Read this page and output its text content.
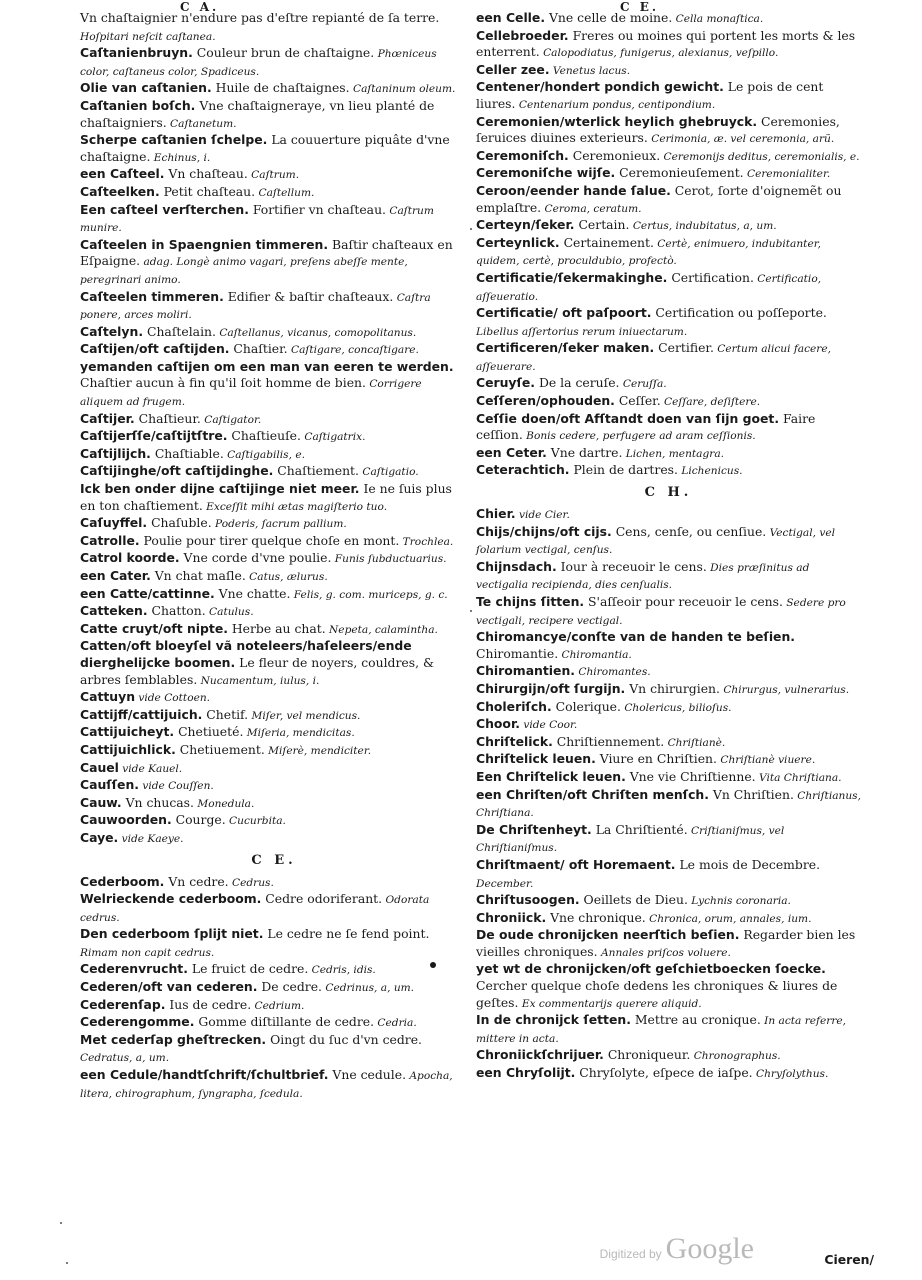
C A.	C E.

Vn chaſtaignier n'endure pas d'eſtre repianté de ſa terre. Hoſpitari neſcit caſtanea.

Caſtanienbruyn. Couleur brun de chaſtaigne. Phœniceus color, caſtaneus color, Spadiceus.

Olie van caſtanien. Huile de chaſtaignes. Caſtaninum oleum.

Caſtanien boſch. Vne chaſtaigneraye, vn lieu planté de chaſtaigniers. Caſtanetum.

Scherpe caſtanien ſchelpe. La couuerture piquâte d'vne chaſtaigne. Echinus, i.

een Caſteel. Vn chaſteau. Caſtrum.

Caſteelken. Petit chaſteau. Caſtellum.

Een caſteel verſterchen. Fortifier vn chaſteau. Caſtrum munire.

Caſteelen in Spaengnien timmeren. Baſtir chaſteaux en Eſpaigne. adag. Longè animo vagari, preſens abeſſe mente, peregrinari animo.

Caſteelen timmeren. Edifier & baſtir chaſteaux. Caſtra ponere, arces moliri.

Caſtelyn. Chaſtelain. Caſtellanus, vicanus, comopolitanus.

Caſtijen/oft caſtijden. Chaſtier. Caſtigare, concaſtigare.

yemanden caſtijen om een man van eeren te werden. Chaſtier aucun à fin qu'il ſoit homme de bien. Corrigere aliquem ad frugem.

Caſtijer. Chaſtieur. Caſtigator.

Caſtijerſſe/caſtijtſtre. Chaſtieuſe. Caſtigatrix.

Caſtijlijch. Chaſtiable. Caſtigabilis, e.

Caſtijinghe/oft caſtijdinghe. Chaſtiement. Caſtigatio.

Ick ben onder dijne caſtijinge niet meer. Ie ne ſuis plus en ton chaſtiement. Exceſſit mihi ætas magiſterio tuo.

Caſuyffel. Chaſuble. Poderis, ſacrum pallium.

Catrolle. Poulie pour tirer quelque choſe en mont. Trochlea.

Catrol koorde. Vne corde d'vne poulie. Funis ſubductuarius.

een Cater. Vn chat maſle. Catus, ælurus.

een Catte/cattinne. Vne chatte. Felis, g. com. muriceps, g. c.

Catteken. Chatton. Catulus.

Catte cruyt/oft nipte. Herbe au chat. Nepeta, calamintha.

Catten/oft bloeyſel vã noteleers/haſeleers/ende dierghelijcke boomen. Le fleur de noyers, couldres, & arbres ſemblables. Nucamentum, iulus, i.

Cattuyn vide Cottoen.

Cattijff/cattijuich. Chetif. Miſer, vel mendicus.

Cattijuicheyt. Chetiueté. Miſeria, mendicitas.

Cattijuichlick. Chetiuement. Miſerè, mendiciter.

Cauel vide Kauel.

Cauſſen. vide Couſſen.

Cauw. Vn chucas. Monedula.

Cauwoorden. Courge. Cucurbita.

Caye. vide Kaeye.

C E.

Cederboom. Vn cedre. Cedrus.

Welrieckende cederboom. Cedre odoriferant. Odorata cedrus.

Den cederboom ſplijt niet. Le cedre ne ſe fend point. Rimam non capit cedrus.

Cederenvrucht. Le fruict de cedre. Cedris, idis.

Cederen/oft van cederen. De cedre. Cedrinus, a, um.

Cederenſap. Ius de cedre. Cedrium.

Cederengomme. Gomme diſtillante de cedre. Cedria.

Met cederſap gheſtrecken. Oingt du ſuc d'vn cedre. Cedratus, a, um.

een Cedule/handtſchrift/ſchultbrief. Vne cedule. Apocha, litera, chirographum, ſyngrapha, ſcedula.

een Celle. Vne celle de moine. Cella monaſtica.

Cellebroeder. Freres ou moines qui portent les morts & les enterrent. Calopodiatus, funigerus, alexianus, veſpillo.

Celler zee. Venetus lacus.

Centener/hondert pondich gewicht. Le pois de cent liures. Centenarium pondus, centipondium.

Ceremonien/wterlick heylich ghebruyck. Ceremonies, ſeruices diuines exterieurs. Cerimonia, æ. vel ceremonia, arũ.

Ceremoniſch. Ceremonieux. Ceremonijs deditus, ceremonialis, e.

Ceremoniſche wijſe. Ceremonieuſement. Ceremonialiter.

Ceroon/eender hande ſalue. Cerot, ſorte d'oignemẽt ou emplaſtre. Ceroma, ceratum.

Certeyn/ſeker. Certain. Certus, indubitatus, a, um.

Certeynlick. Certainement. Certè, enimuero, indubitanter, quidem, certè, proculdubio, profectò.

Certificatie/ſekermakinghe. Certification. Certificatio, aſſeueratio.

Certificatie/ oft paſpoort. Certification ou poſſeporte. Libellus aſſertorius rerum iniuectarum.

Certificeren/ſeker maken. Certifier. Certum alicui facere, aſſeuerare.

Ceruyſe. De la ceruſe. Ceruſſa.

Ceſſeren/ophouden. Ceſſer. Ceſſare, deſiſtere.

Ceſſie doen/oft Afſtandt doen van ſijn goet. Faire ceſſion. Bonis cedere, perfugere ad aram ceſſionis.

een Ceter. Vne dartre. Lichen, mentagra.

Ceterachtich. Plein de dartres. Lichenicus.

C H.

Chier. vide Cier.

Chijs/chijns/oft cijs. Cens, cenſe, ou cenſiue. Vectigal, vel ſolarium vectigal, cenſus.

Chijnsdach. Iour à receuoir le cens. Dies præſinitus ad vectigalia recipienda, dies cenſualis.

Te chijns ſitten. S'aſſeoir pour receuoir le cens. Sedere pro vectigali, recipere vectigal.

Chiromancye/conſte van de handen te beſien. Chiromantie. Chiromantia.

Chiromantien. Chiromantes.

Chirurgijn/oft ſurgijn. Vn chirurgien. Chirurgus, vulnerarius.

Choleriſch. Colerique. Cholericus, bilioſus.

Choor. vide Coor.

Chriſtelick. Chriſtiennement. Chriſtianè.

Chriſtelick leuen. Viure en Chriſtien. Chriſtianè viuere.

Een Chriſtelick leuen. Vne vie Chriſtienne. Vita Chriſtiana.

een Chriſten/oft Chriſten menſch. Vn Chriſtien. Chriſtianus, Chriſtiana.

De Chriſtenheyt. La Chriſtienté. Criſtianiſmus, vel Chriſtianiſmus.

Chriſtmaent/ oft Horemaent. Le mois de Decembre. December.

Chriſtusoogen. Oeillets de Dieu. Lychnis coronaria.

Chroniick. Vne chronique. Chronica, orum, annales, ium.

De oude chronijcken neerſtich beſien. Regarder bien les vieilles chroniques. Annales priſcos voluere.

yet wt de chronijcken/oft geſchietboecken ſoecke. Cercher quelque choſe dedens les chroniques & liures de geſtes. Ex commentarijs querere aliquid.

In de chronijck ſetten. Mettre au cronique. In acta referre, mittere in acta.

Chroniickſchrijuer. Chroniqueur. Chronographus.

een Chryſolijt. Chryſolyte, eſpece de iaſpe. Chryſolythus.

Cieren/
Digitized by Google
